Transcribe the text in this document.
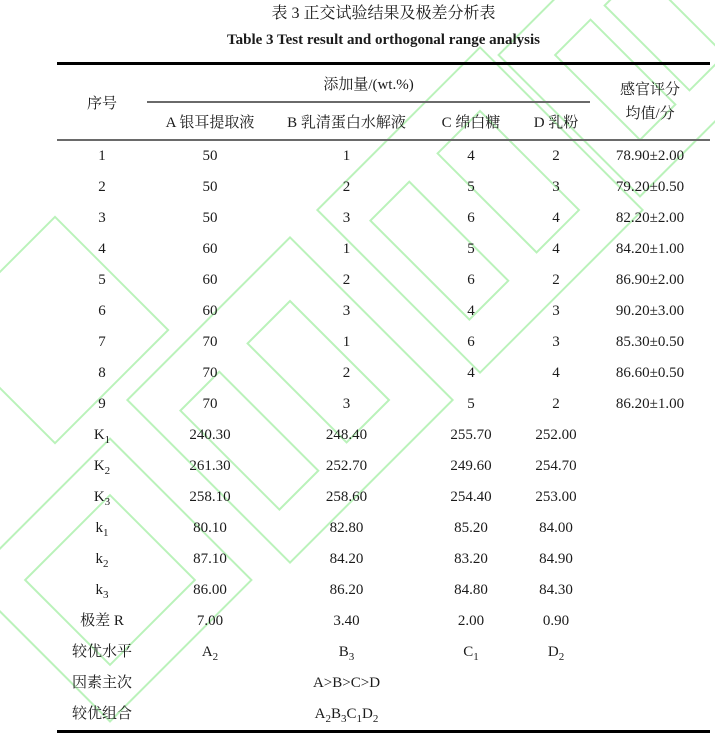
表 3 正交试验结果及极差分析表
Table 3 Test result and orthogonal range analysis
序号	添加量/(wt.%)				感官评分
均值/分

	A 银耳提取液	B 乳清蛋白水解液	C 绵白糖	D 乳粉	
1	50	1	4	2	78.90±2.00
2	50	2	5	3	79.20±0.50
3	50	3	6	4	82.20±2.00
4	60	1	5	4	84.20±1.00
5	60	2	6	2	86.90±2.00
6	60	3	4	3	90.20±3.00
7	70	1	6	3	85.30±0.50
8	70	2	4	4	86.60±0.50
9	70	3	5	2	86.20±1.00
$K_1$	240.30	248.40	255.70	252.00	
$K_2$	261.30	252.70	249.60	254.70	
$K_3$	258.10	258.60	254.40	253.00	
$k_1$	80.10	82.80	85.20	84.00	
$k_2$	87.10	84.20	83.20	84.90	
$k_3$	86.00	86.20	84.80	84.30	
极差 R	7.00	3.40	2.00	0.90	
较优水平	$A_2$	$B_3$	$C_1$	$D_2$	
因素主次		A>B>C>D			
较优组合		$A_2B_3C_1D_2$			
